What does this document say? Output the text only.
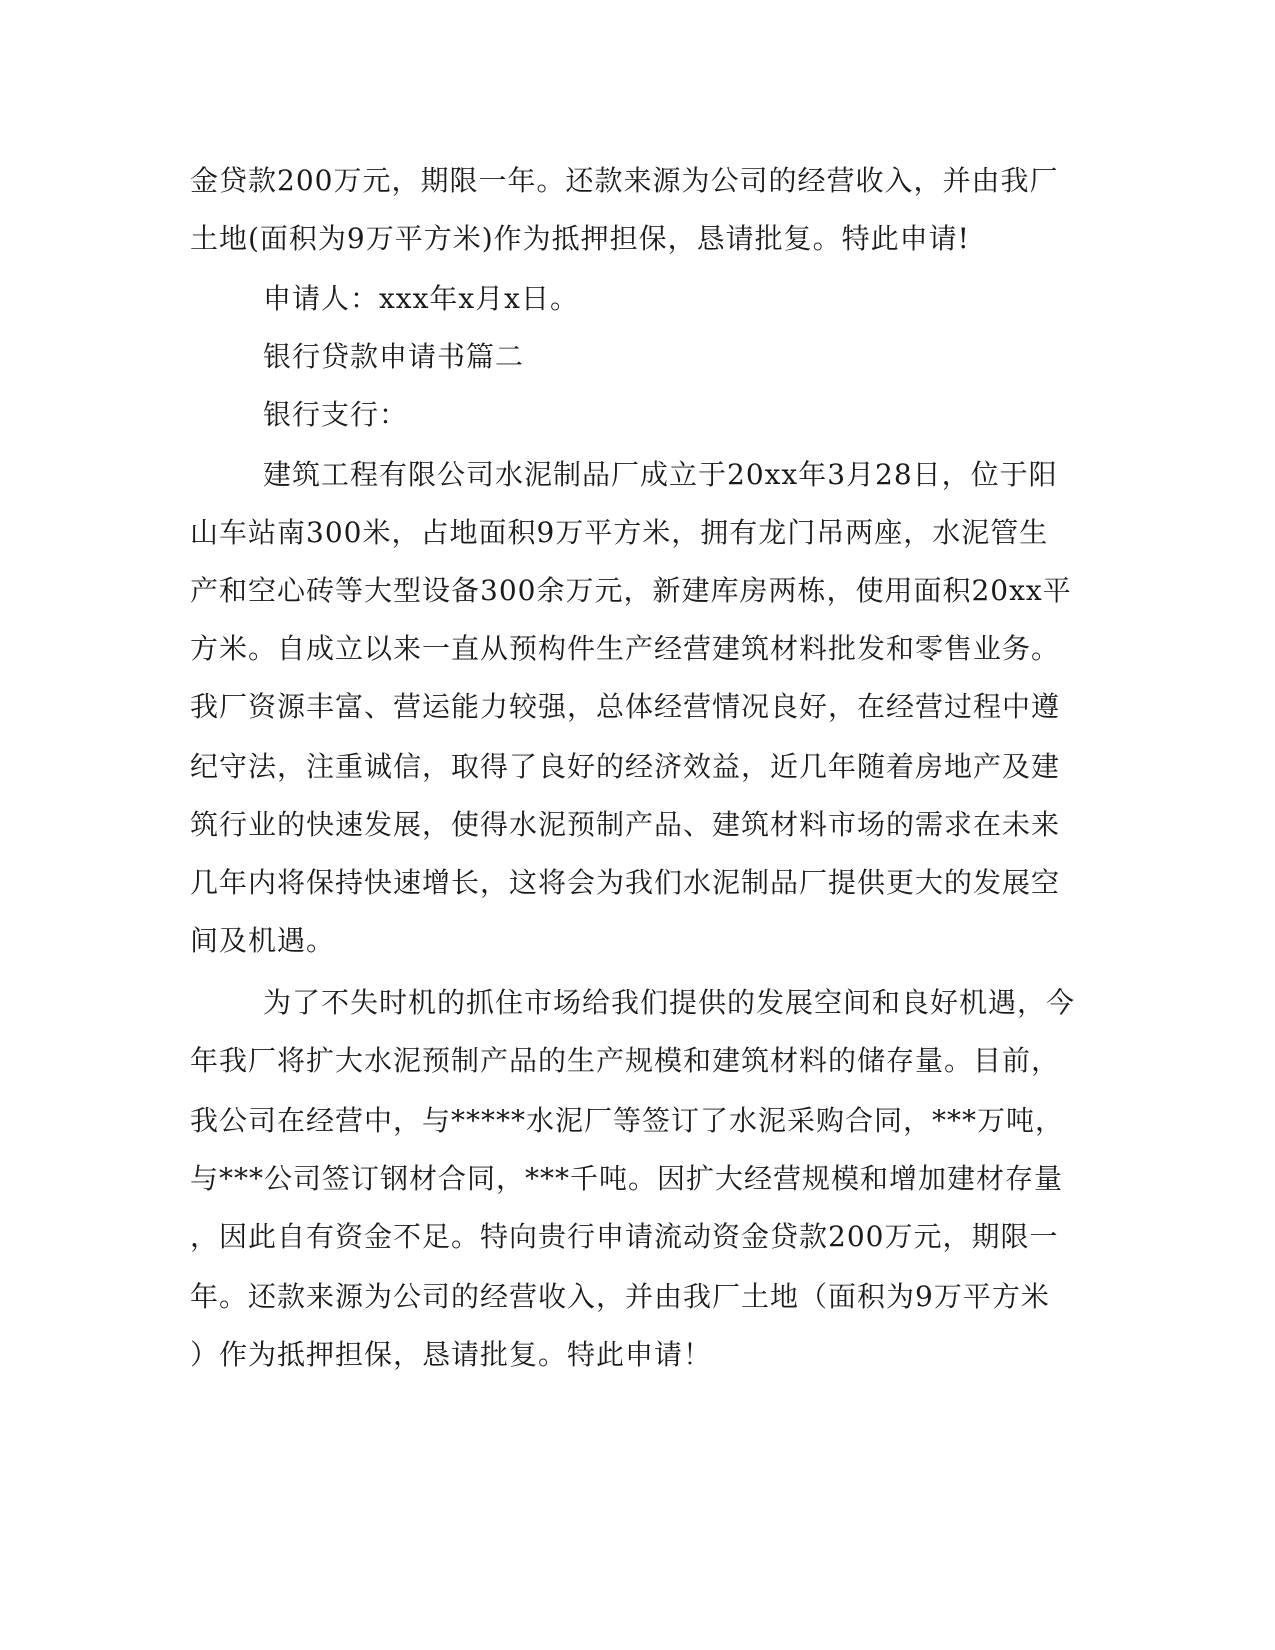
金贷款200万元，期限一年。还款来源为公司的经营收入，并由我厂

土地(面积为9万平方米)作为抵押担保，恳请批复。特此申请!

申请人：xxx年x月x日。

银行贷款申请书篇二

银行支行：

建筑工程有限公司水泥制品厂成立于20xx年3月28日，位于阳

山车站南300米，占地面积9万平方米，拥有龙门吊两座，水泥管生

产和空心砖等大型设备300余万元，新建库房两栋，使用面积20xx平

方米。自成立以来一直从预构件生产经营建筑材料批发和零售业务。

我厂资源丰富、营运能力较强，总体经营情况良好，在经营过程中遵

纪守法，注重诚信，取得了良好的经济效益，近几年随着房地产及建

筑行业的快速发展，使得水泥预制产品、建筑材料市场的需求在未来

几年内将保持快速增长，这将会为我们水泥制品厂提供更大的发展空

间及机遇。

为了不失时机的抓住市场给我们提供的发展空间和良好机遇，今

年我厂将扩大水泥预制产品的生产规模和建筑材料的储存量。目前，

我公司在经营中，与*****水泥厂等签订了水泥采购合同，***万吨，

与***公司签订钢材合同，***千吨。因扩大经营规模和增加建材存量

，因此自有资金不足。特向贵行申请流动资金贷款200万元，期限一

年。还款来源为公司的经营收入，并由我厂土地（面积为9万平方米

）作为抵押担保，恳请批复。特此申请！
